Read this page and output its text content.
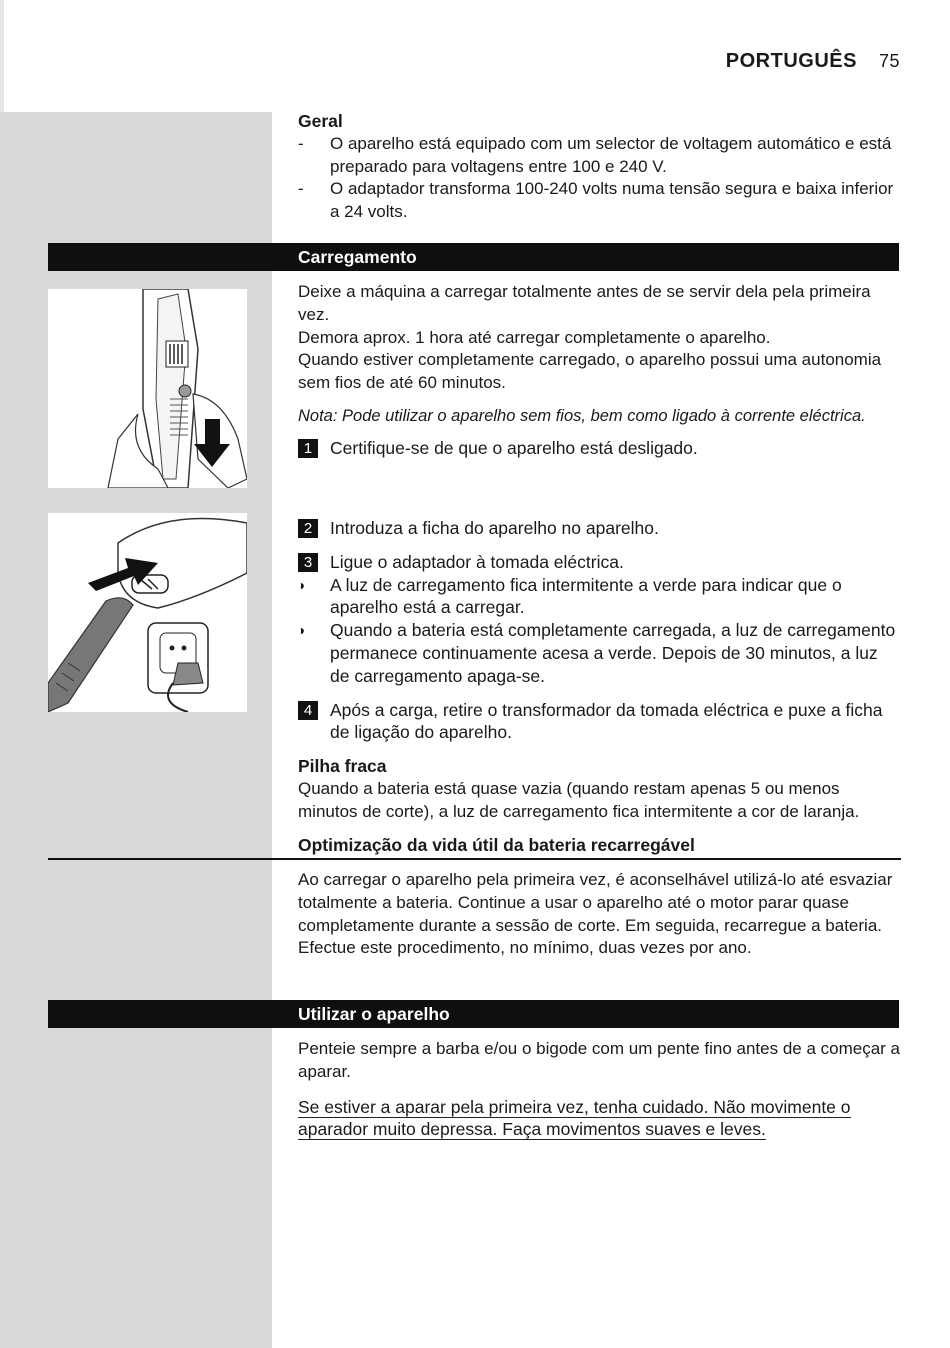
PORTUGUÊS 75

Geral

-	O aparelho está equipado com um selector de voltagem automático e está preparado para voltagens entre 100 e 240 V.
-	O adaptador transforma 100-240 volts numa tensão segura e baixa inferior a 24 volts.
Carregamento

Deixe a máquina a carregar totalmente antes de se servir dela pela primeira vez.

Demora aprox. 1 hora até carregar completamente o aparelho.

Quando estiver completamente carregado, o aparelho possui uma autonomia sem fios de até 60 minutos.

Nota: Pode utilizar o aparelho sem fios, bem como ligado à corrente eléctrica.

1	Certifique-se de que o aparelho está desligado.
2	Introduza a ficha do aparelho no aparelho.
3	Ligue o adaptador à tomada eléctrica.
◗	A luz de carregamento fica intermitente a verde para indicar que o aparelho está a carregar.
◗	Quando a bateria está completamente carregada, a luz de carregamento permanece continuamente acesa a verde. Depois de 30 minutos, a luz de carregamento apaga-se.
4	Após a carga, retire o transformador da tomada eléctrica e puxe a ficha de ligação do aparelho.

Pilha fraca

Quando a bateria está quase vazia (quando restam apenas 5 ou menos minutos de corte), a luz de carregamento fica intermitente a cor de laranja.

Optimização da vida útil da bateria recarregável

Ao carregar o aparelho pela primeira vez, é aconselhável utilizá-lo até esvaziar totalmente a bateria. Continue a usar o aparelho até o motor parar quase completamente durante a sessão de corte. Em seguida, recarregue a bateria. Efectue este procedimento, no mínimo, duas vezes por ano.

Utilizar o aparelho

Penteie sempre a barba e/ou o bigode com um pente fino antes de a começar a aparar.

Se estiver a aparar pela primeira vez, tenha cuidado. Não movimente o aparador muito depressa. Faça movimentos suaves e leves.
